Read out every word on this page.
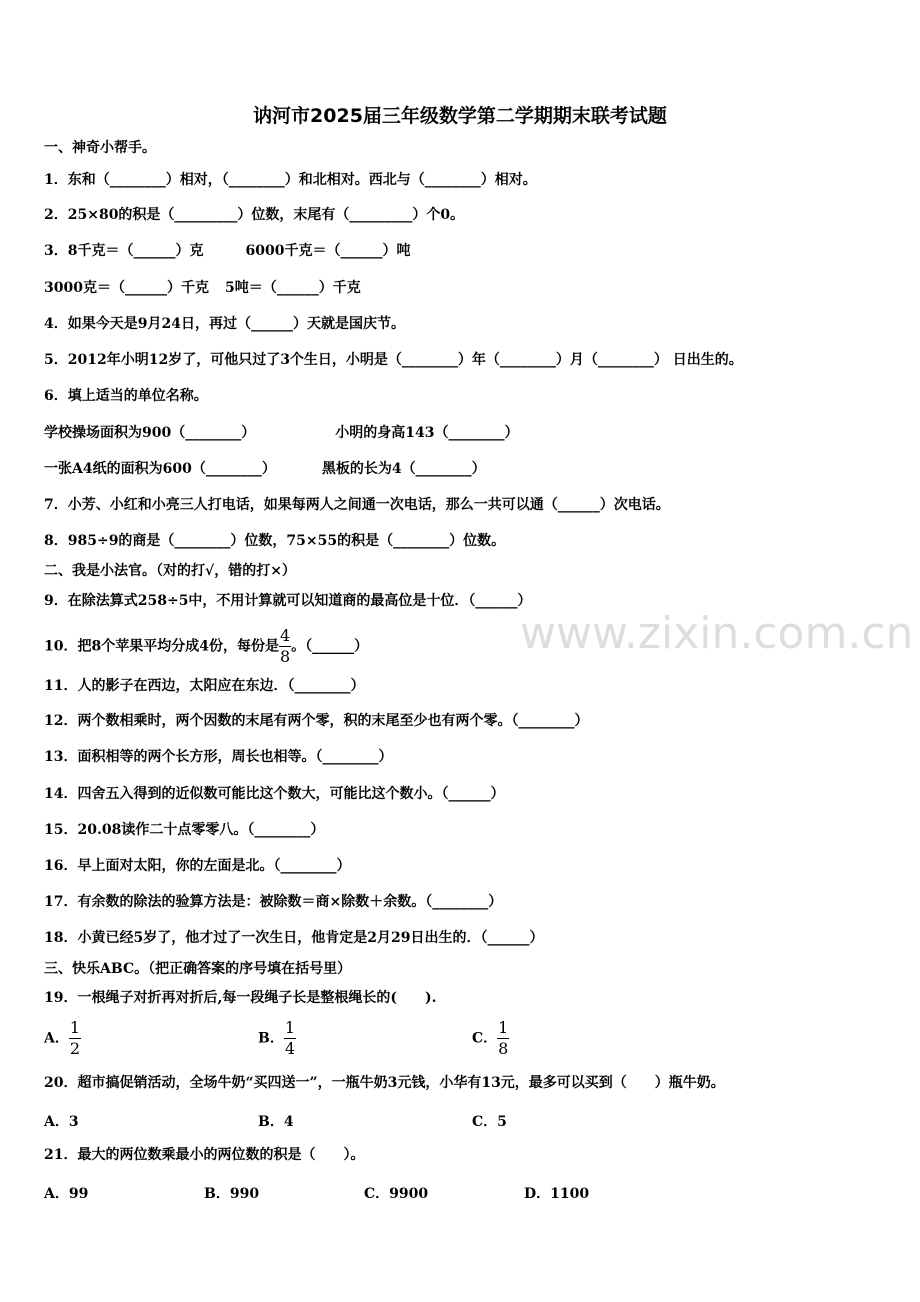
讷河市2025届三年级数学第二学期期末联考试题
一、神奇小帮手。
1．东和（________）相对，（________）和北相对。西北与（________）相对。
2．25×80的积是（_________）位数，末尾有（_________）个0。
3．8千克＝（______）克	6000千克＝（______）吨
3000克＝（______）千克 5吨＝（______）千克
4．如果今天是9月24日，再过（______）天就是国庆节。
5．2012年小明12岁了，可他只过了3个生日，小明是（________）年（________）月（________） 日出生的。
6．填上适当的单位名称。
学校操场面积为900（________）	小明的身高143（________）
一张A4纸的面积为600（________）	黑板的长为4（________）
7．小芳、小红和小亮三人打电话，如果每两人之间通一次电话，那么一共可以通（______）次电话。
8．985÷9的商是（________）位数，75×55的积是（________）位数。
二、我是小法官。（对的打√，错的打×）
9．在除法算式258÷5中，不用计算就可以知道商的最高位是十位．（______）
10．把8个苹果平均分成4份，每份是 $\frac{4}{8}$ 。（______）
11．人的影子在西边，太阳应在东边．（________）
12．两个数相乘时，两个因数的末尾有两个零，积的末尾至少也有两个零。（________）
13．面积相等的两个长方形，周长也相等。（________）
14．四舍五入得到的近似数可能比这个数大，可能比这个数小。（______）
15．20.08读作二十点零零八。（________）
16．早上面对太阳，你的左面是北。（________）
17．有余数的除法的验算方法是：被除数＝商×除数＋余数。（________）
18．小黄已经5岁了，他才过了一次生日，他肯定是2月29日出生的．（______）
三、快乐ABC。（把正确答案的序号填在括号里）
19．一根绳子对折再对折后,每一段绳子长是整根绳长的(　　).
A． $\frac{1}{2}$	B． $\frac{1}{4}$	C． $\frac{1}{8}$
20．超市搞促销活动，全场牛奶“买四送一”，一瓶牛奶3元钱，小华有13元，最多可以买到（　　）瓶牛奶。
A．3	B．4	C．5
21．最大的两位数乘最小的两位数的积是（　　）。
A．99	B．990	C．9900	D．1100
www.zixin.com.cn
